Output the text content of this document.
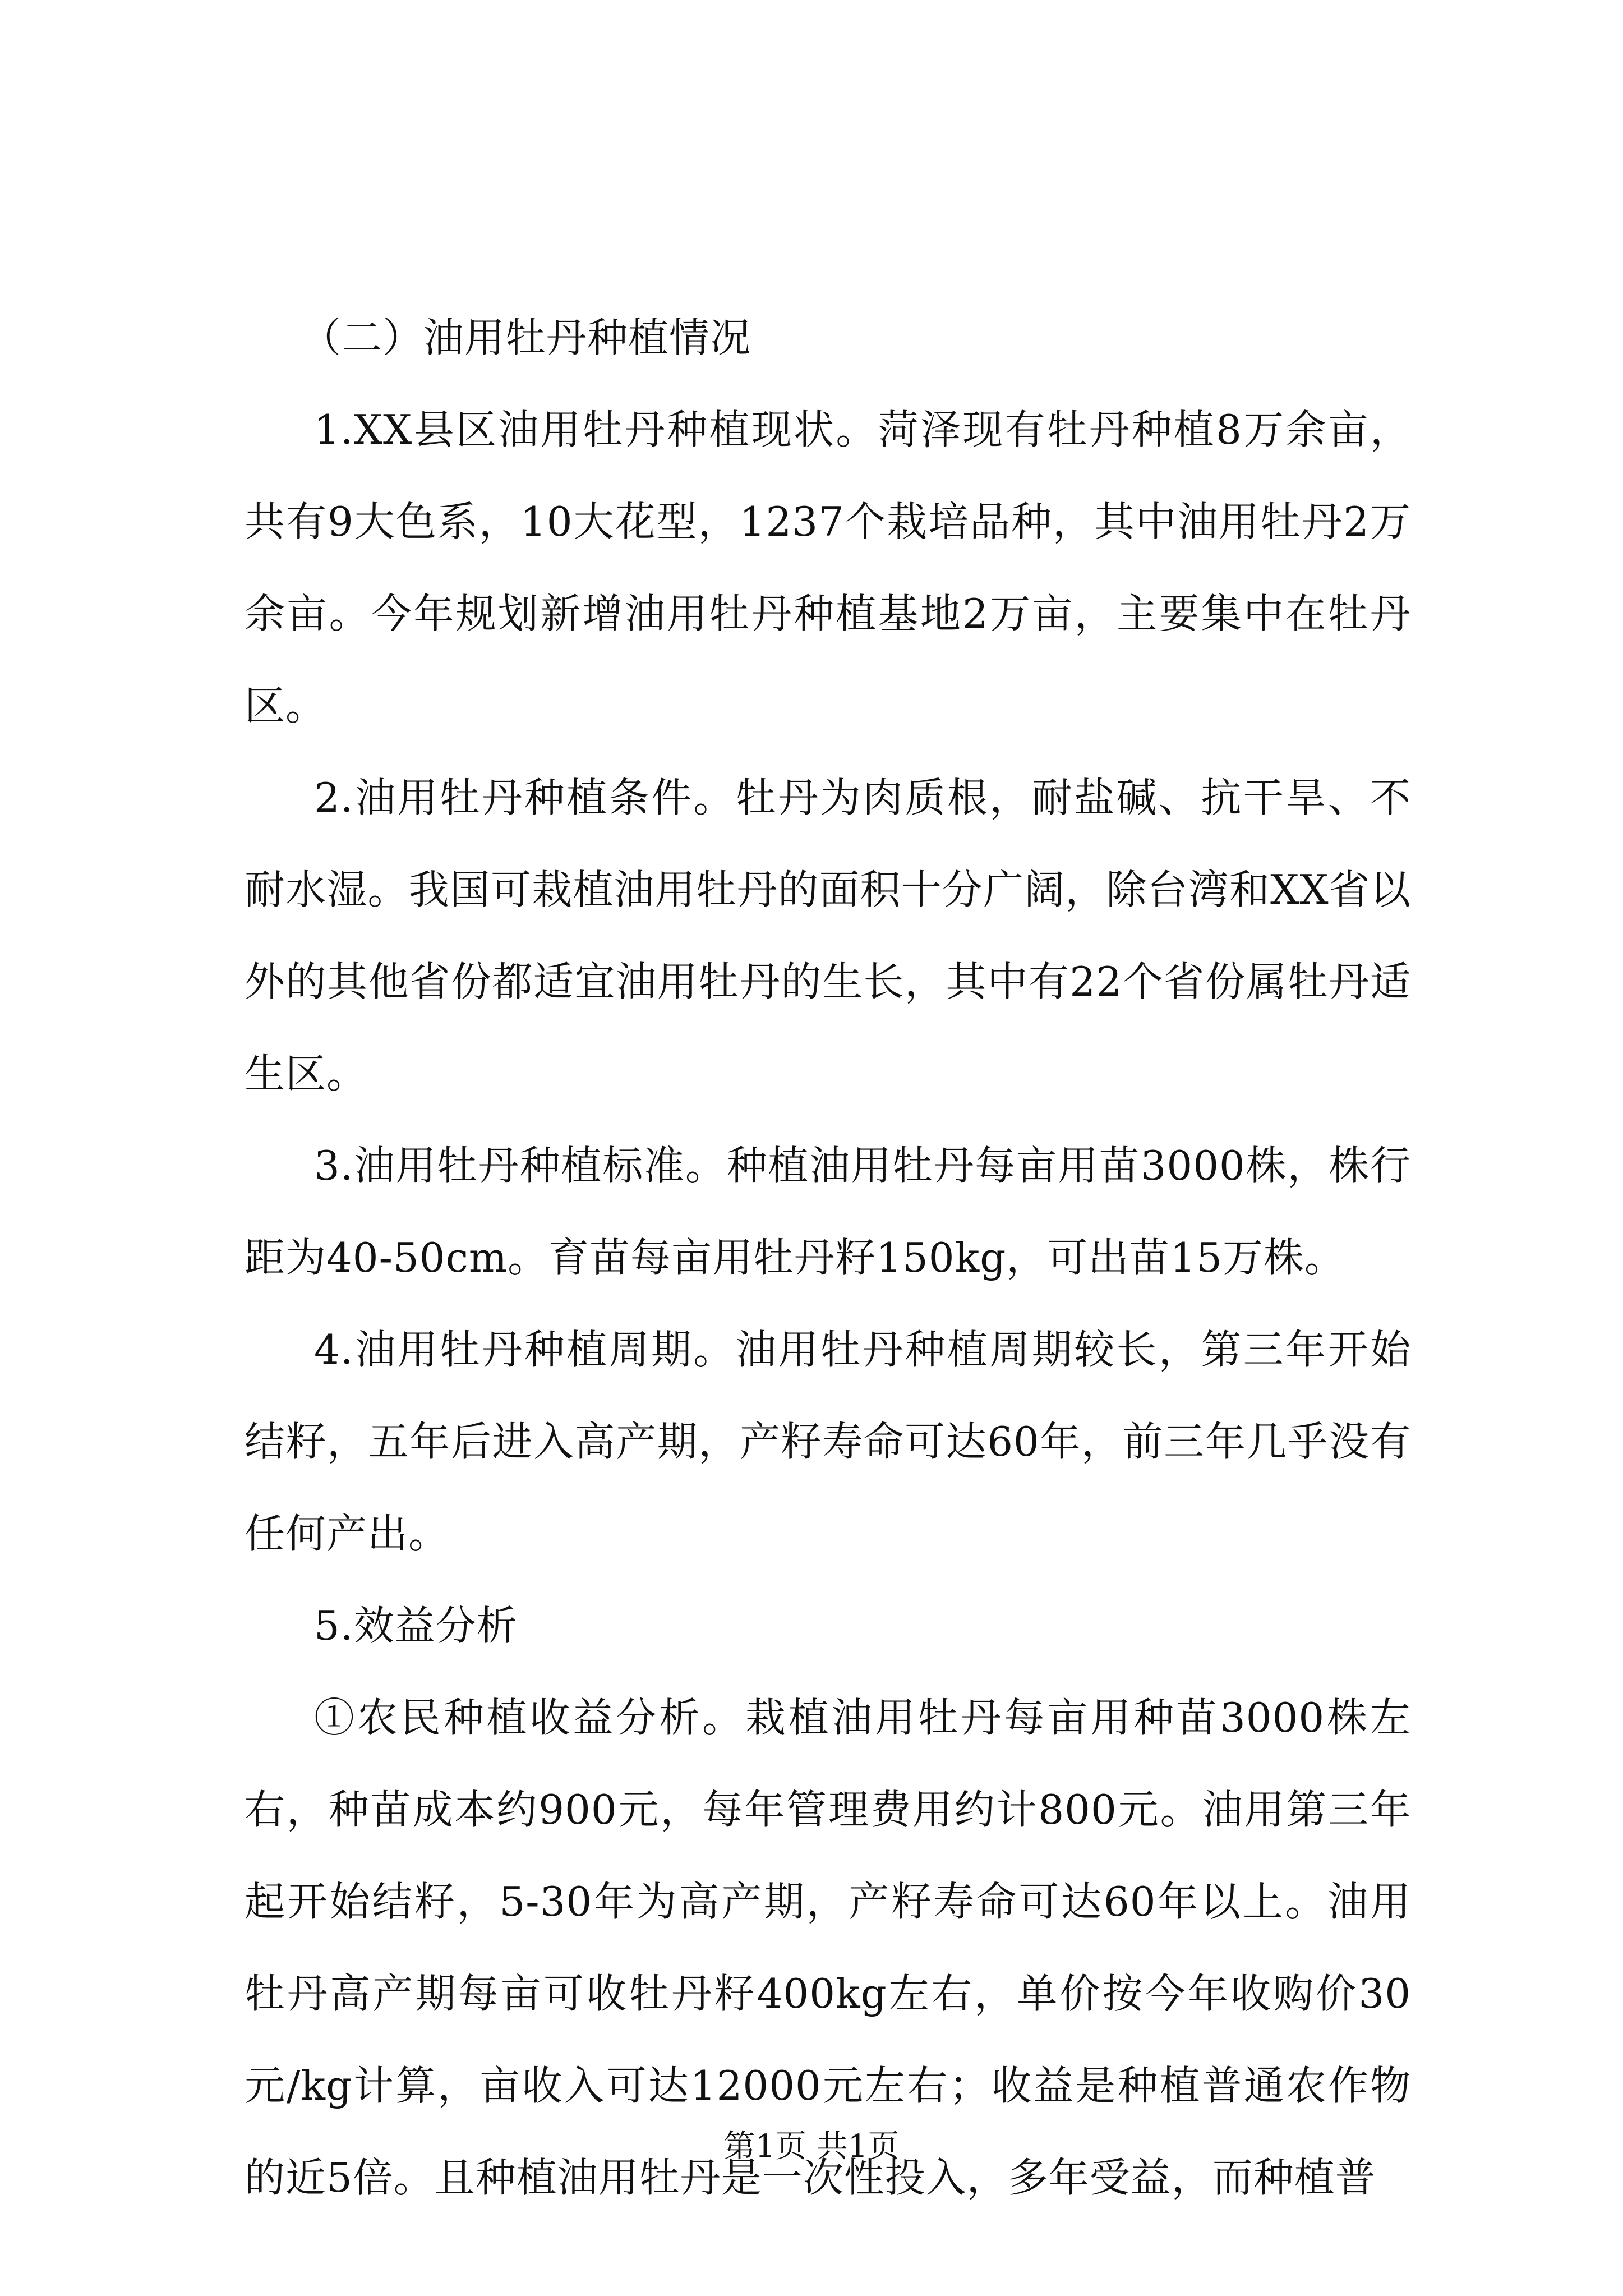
（二）油用牡丹种植情况

1.XX县区油用牡丹种植现状。菏泽现有牡丹种植8万余亩，共有9大色系，10大花型，1237个栽培品种，其中油用牡丹2万余亩。今年规划新增油用牡丹种植基地2万亩，主要集中在牡丹区。

2.油用牡丹种植条件。牡丹为肉质根，耐盐碱、抗干旱、不耐水湿。我国可栽植油用牡丹的面积十分广阔，除台湾和XX省以外的其他省份都适宜油用牡丹的生长，其中有22个省份属牡丹适生区。

3.油用牡丹种植标准。种植油用牡丹每亩用苗3000株，株行距为40-50cm。育苗每亩用牡丹籽150kg，可出苗15万株。

4.油用牡丹种植周期。油用牡丹种植周期较长，第三年开始结籽，五年后进入高产期，产籽寿命可达60年，前三年几乎没有任何产出。

5.效益分析

①农民种植收益分析。栽植油用牡丹每亩用种苗3000株左右，种苗成本约900元，每年管理费用约计800元。油用第三年起开始结籽，5-30年为高产期，产籽寿命可达60年以上。油用牡丹高产期每亩可收牡丹籽400kg左右，单价按今年收购价30元/kg计算，亩收入可达12000元左右；收益是种植普通农作物的近5倍。且种植油用牡丹是一次性投入，多年受益，而种植普

第1页 共1页
